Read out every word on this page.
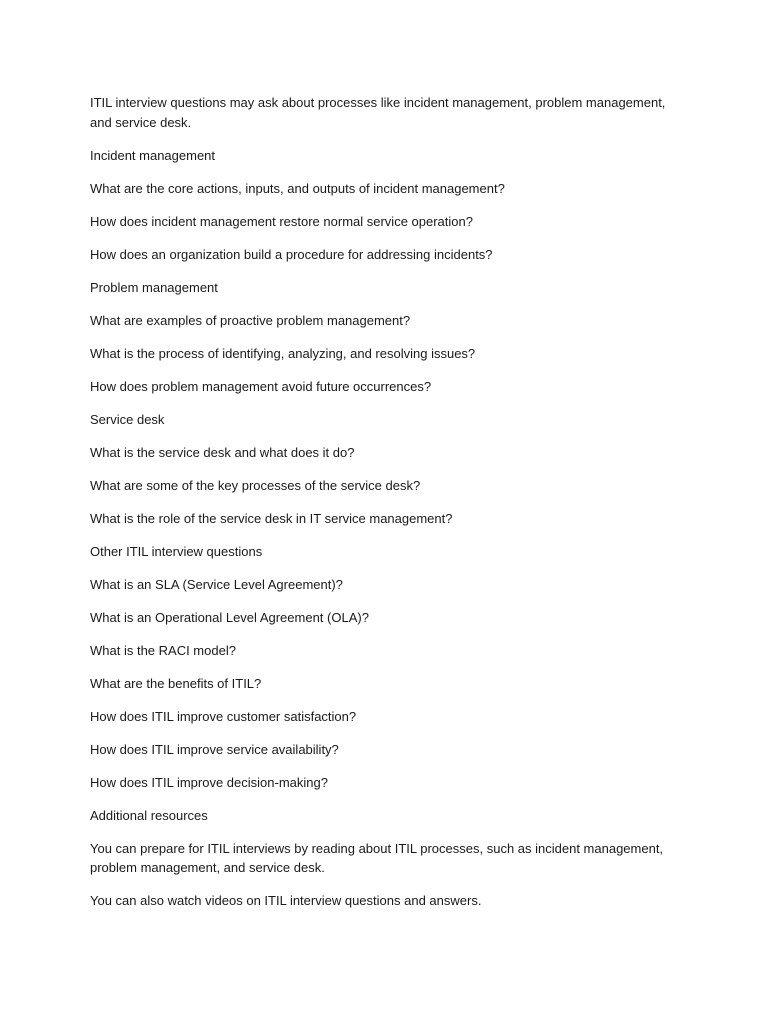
ITIL interview questions may ask about processes like incident management, problem management, and service desk.

Incident management

What are the core actions, inputs, and outputs of incident management?

How does incident management restore normal service operation?

How does an organization build a procedure for addressing incidents?

Problem management

What are examples of proactive problem management?

What is the process of identifying, analyzing, and resolving issues?

How does problem management avoid future occurrences?

Service desk

What is the service desk and what does it do?

What are some of the key processes of the service desk?

What is the role of the service desk in IT service management?

Other ITIL interview questions

What is an SLA (Service Level Agreement)?

What is an Operational Level Agreement (OLA)?

What is the RACI model?

What are the benefits of ITIL?

How does ITIL improve customer satisfaction?

How does ITIL improve service availability?

How does ITIL improve decision-making?

Additional resources

You can prepare for ITIL interviews by reading about ITIL processes, such as incident management, problem management, and service desk.

You can also watch videos on ITIL interview questions and answers.
